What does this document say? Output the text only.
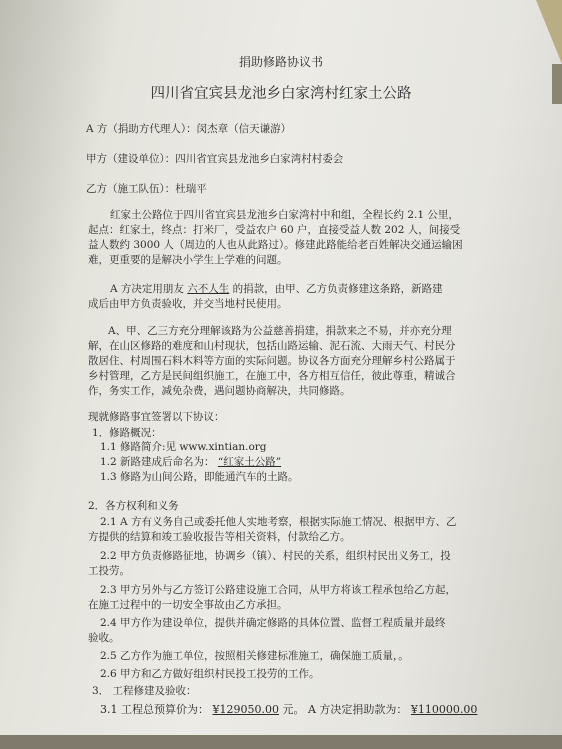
捐助修路协议书
四川省宜宾县龙池乡白家湾村红家土公路
A 方（捐助方代理人）：闵杰章（信天谦游）
甲方（建设单位）：四川省宜宾县龙池乡白家湾村村委会
乙方（施工队伍）：杜瑞平
红家土公路位于四川省宜宾县龙池乡白家湾村中和组，全程长约 2.1 公里，
起点：红家土，终点：打米厂，受益农户 60 户，直接受益人数 202 人，间接受
益人数约 3000 人（周边的人也从此路过）。修建此路能给老百姓解决交通运输困
难，更重要的是解决小学生上学难的问题。
A 方决定用朋友 六不人生 的捐款，由甲、乙方负责修建这条路，新路建
成后由甲方负责验收，并交当地村民使用。
A、甲、乙三方充分理解该路为公益慈善捐建，捐款来之不易，并亦充分理
解，在山区修路的难度和山村现状，包括山路运输、泥石流、大雨天气、村民分
散居住、村周围石料木料等方面的实际问题。协议各方面充分理解乡村公路属于
乡村管理，乙方是民间组织施工，在施工中，各方相互信任，彼此尊重，精诚合
作，务实工作，减免杂费，遇问题协商解决，共同修路。
现就修路事宜签署以下协议：
1．修路概况：
1.1 修路简介:见 www.xintian.org
1.2 新路建成后命名为： “红家土公路”
1.3 修路为山间公路，即能通汽车的土路。
2．各方权利和义务
2.1 A 方有义务自己或委托他人实地考察，根据实际施工情况、根据甲方、乙
方提供的结算和竣工验收报告等相关资料，付款给乙方。
2.2 甲方负责修路征地，协调乡（镇）、村民的关系，组织村民出义务工，投
工投劳。
2.3 甲方另外与乙方签订公路建设施工合同，从甲方将该工程承包给乙方起，
在施工过程中的一切安全事故由乙方承担。
2.4 甲方作为建设单位，提供并确定修路的具体位置、监督工程质量并最终
验收。
2.5 乙方作为施工单位，按照相关修建标准施工，确保施工质量，。
2.6 甲方和乙方做好组织村民投工投劳的工作。
3． 工程修建及验收：
3.1 工程总预算价为： ¥129050.00 元。 A 方决定捐助款为： ¥110000.00
